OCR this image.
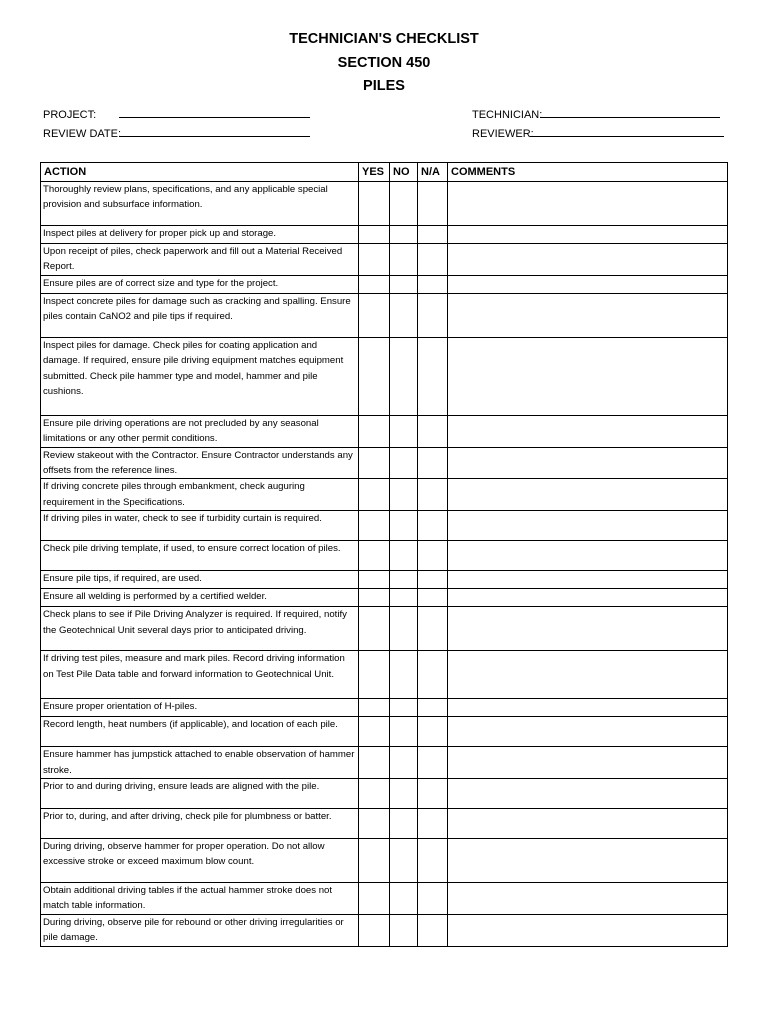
TECHNICIAN'S CHECKLIST
SECTION 450
PILES
PROJECT:
REVIEW DATE:
TECHNICIAN:
REVIEWER:
ACTION	YES	NO	N/A	COMMENTS
Thoroughly review plans, specifications, and any applicable special provision and subsurface information.				
Inspect piles at delivery for proper pick up and storage.				
Upon receipt of piles, check paperwork and fill out a Material Received Report.				
Ensure piles are of correct size and type for the project.				
Inspect concrete piles for damage such as cracking and spalling. Ensure piles contain CaNO2 and pile tips if required.				
Inspect piles for damage. Check piles for coating application and damage. If required, ensure pile driving equipment matches equipment submitted. Check pile hammer type and model, hammer and pile cushions.				
Ensure pile driving operations are not precluded by any seasonal limitations or any other permit conditions.				
Review stakeout with the Contractor. Ensure Contractor understands any offsets from the reference lines.				
If driving concrete piles through embankment, check auguring requirement in the Specifications.				
If driving piles in water, check to see if turbidity curtain is required.				
Check pile driving template, if used, to ensure correct location of piles.				
Ensure pile tips, if required, are used.				
Ensure all welding is performed by a certified welder.				
Check plans to see if Pile Driving Analyzer is required. If required, notify the Geotechnical Unit several days prior to anticipated driving.				
If driving test piles, measure and mark piles. Record driving information on Test Pile Data table and forward information to Geotechnical Unit.				
Ensure proper orientation of H-piles.				
Record length, heat numbers (if applicable), and location of each pile.				
Ensure hammer has jumpstick attached to enable observation of hammer stroke.				
Prior to and during driving, ensure leads are aligned with the pile.				
Prior to, during, and after driving, check pile for plumbness or batter.				
During driving, observe hammer for proper operation. Do not allow excessive stroke or exceed maximum blow count.				
Obtain additional driving tables if the actual hammer stroke does not match table information.				
During driving, observe pile for rebound or other driving irregularities or pile damage.				
